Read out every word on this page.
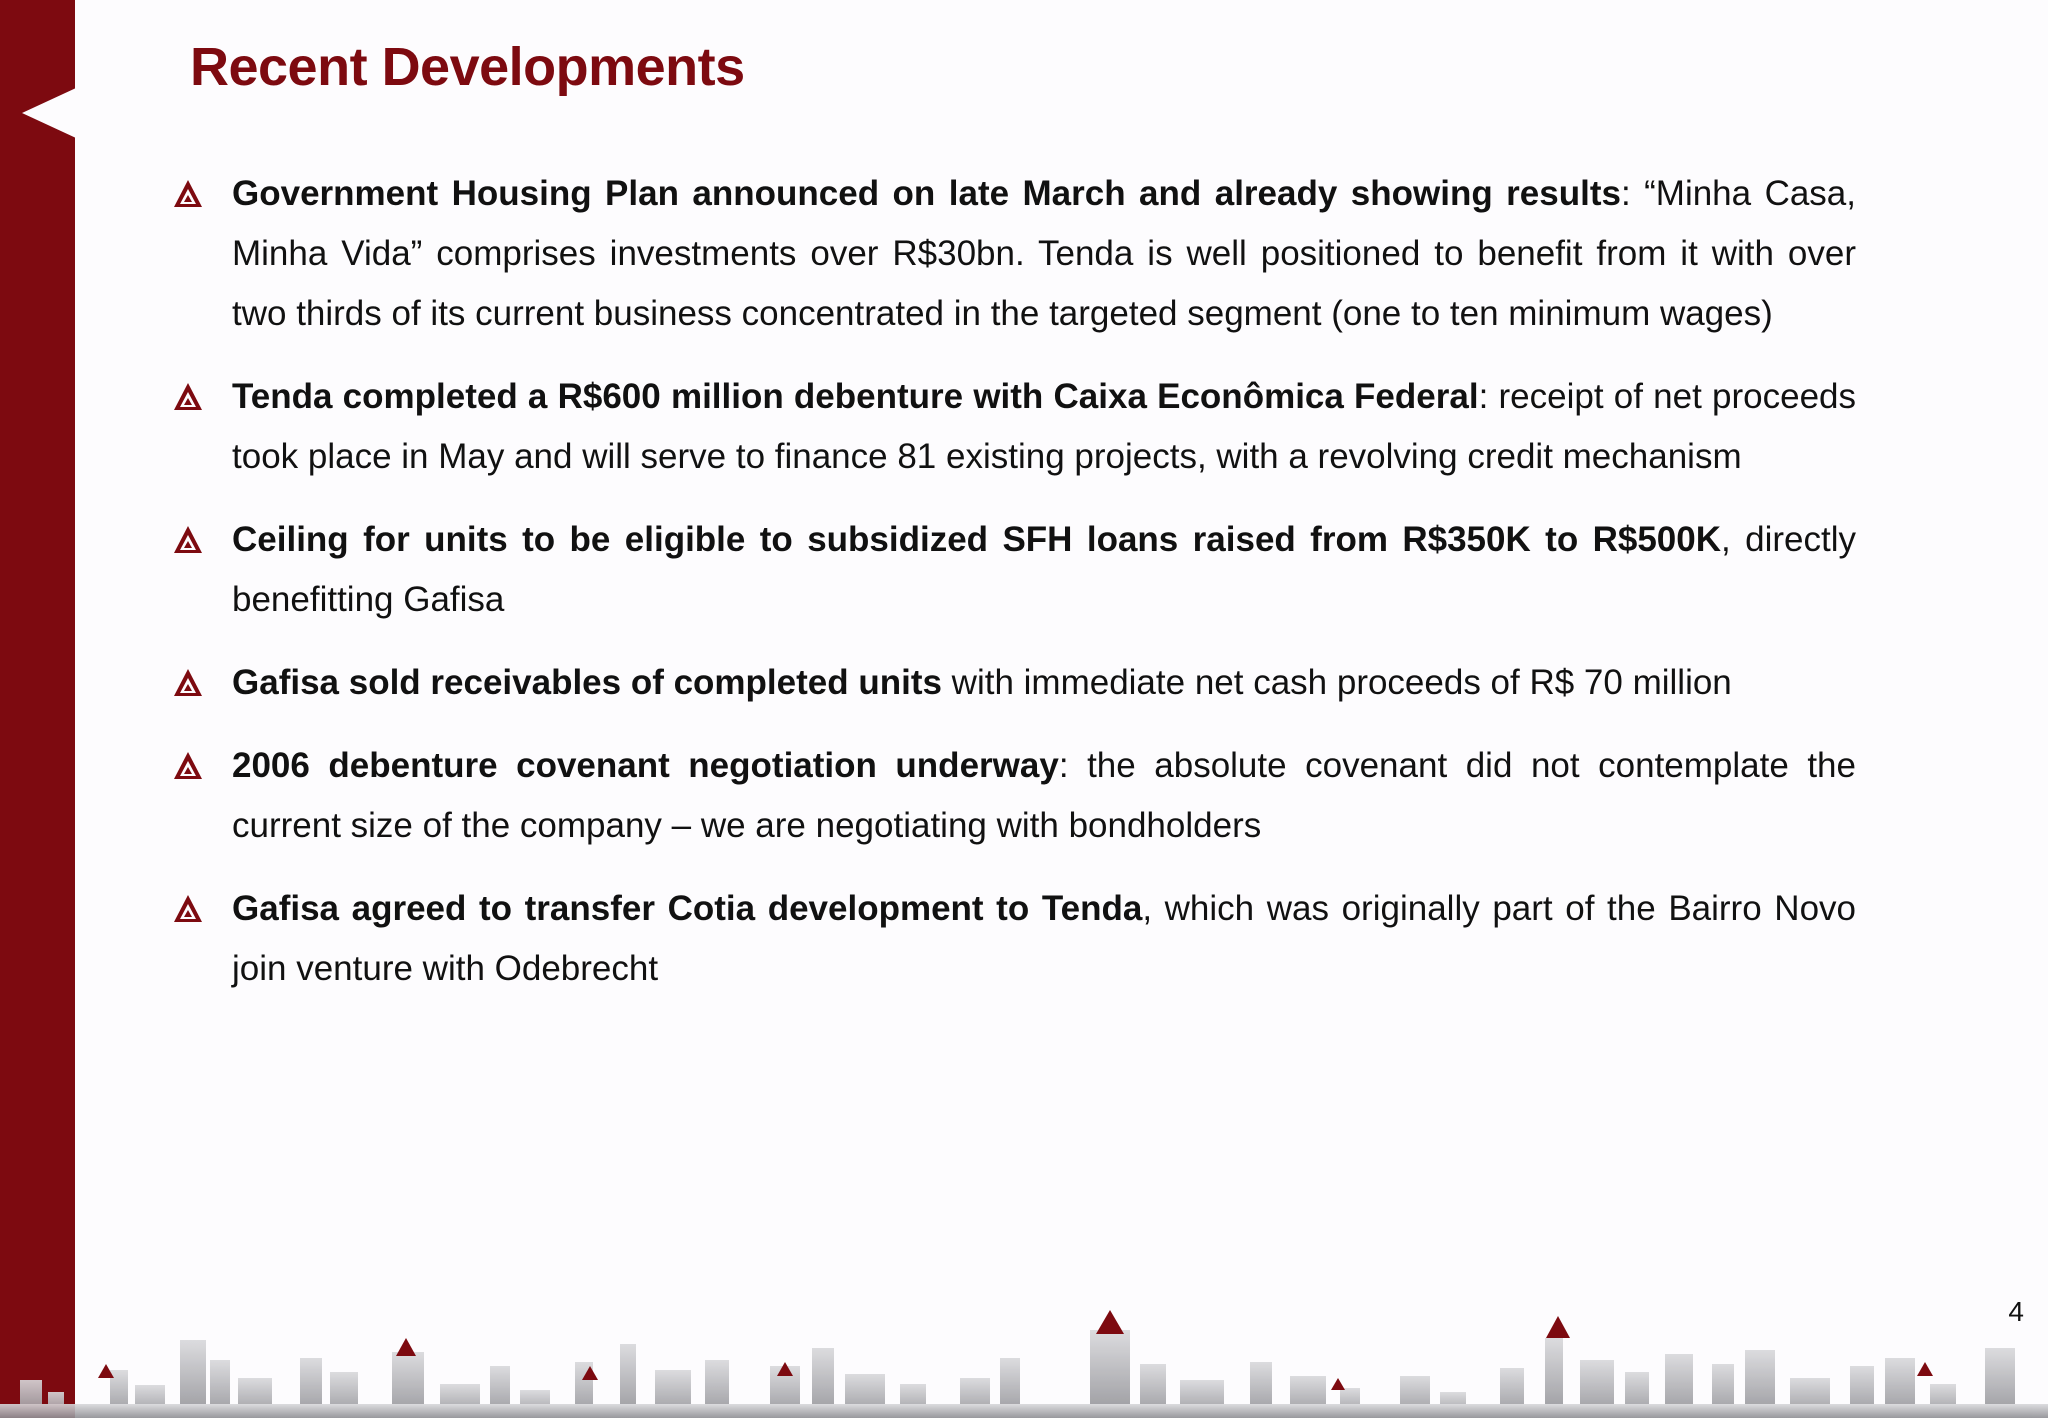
Recent Developments
Government Housing Plan announced on late March and already showing results: “Minha Casa, Minha Vida” comprises investments over R$30bn. Tenda is well positioned to benefit from it with over two thirds of its current business concentrated in the targeted segment (one to ten minimum wages)
Tenda completed a R$600 million debenture with Caixa Econômica Federal: receipt of net proceeds took place in May and will serve to finance 81 existing projects, with a revolving credit mechanism
Ceiling for units to be eligible to subsidized SFH loans raised from R$350K to R$500K, directly benefitting Gafisa
Gafisa sold receivables of completed units with immediate net cash proceeds of R$ 70 million
2006 debenture covenant negotiation underway: the absolute covenant did not contemplate the current size of the company – we are negotiating with bondholders
Gafisa agreed to transfer Cotia development to Tenda, which was originally part of the Bairro Novo join venture with Odebrecht
4
